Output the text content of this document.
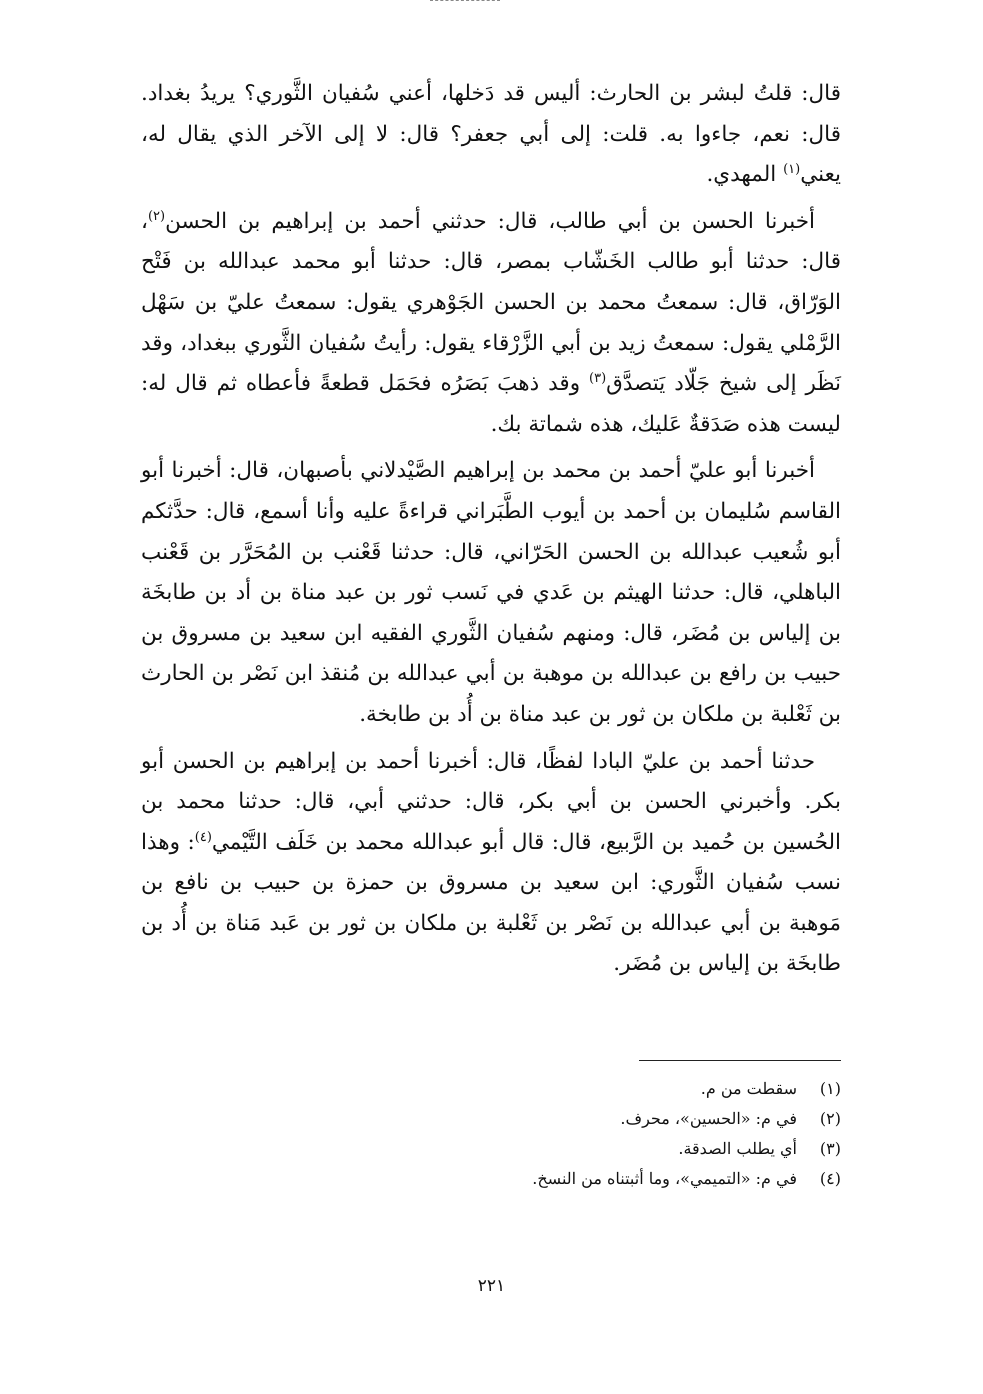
قال: قلتُ لبشر بن الحارث: أليس قد دَخلها، أعني سُفيان الثَّوري؟ يريدُ بغداد. قال: نعم، جاءوا به. قلت: إلى أبي جعفر؟ قال: لا إلى الآخر الذي يقال له، يعني$^{(١)}$ المهدي.

أخبرنا الحسن بن أبي طالب، قال: حدثني أحمد بن إبراهيم بن الحسن$^{(٢)}$، قال: حدثنا أبو طالب الخَشّاب بمصر، قال: حدثنا أبو محمد عبدالله بن فَتْح الوَرّاق، قال: سمعتُ محمد بن الحسن الجَوْهري يقول: سمعتُ عليّ بن سَهْل الرَّمْلي يقول: سمعتُ زيد بن أبي الزَّرْقاء يقول: رأيتُ سُفيان الثَّوري ببغداد، وقد نَظَر إلى شيخ جَلّاد يَتصدَّق$^{(٣)}$ وقد ذهبَ بَصَرُه فحَمَل قطعةً فأعطاه ثم قال له: ليست هذه صَدَقةٌ عَليك، هذه شماتة بك.

أخبرنا أبو عليّ أحمد بن محمد بن إبراهيم الصَّيْدلاني بأصبهان، قال: أخبرنا أبو القاسم سُليمان بن أحمد بن أيوب الطَّبَراني قراءةً عليه وأنا أسمع، قال: حدَّثكم أبو شُعيب عبدالله بن الحسن الحَرّاني، قال: حدثنا قَعْنب بن المُحَرَّر بن قَعْنب الباهلي، قال: حدثنا الهيثم بن عَدي في نَسب ثور بن عبد مناة بن أد بن طابخَة بن إلياس بن مُضَر، قال: ومنهم سُفيان الثَّوري الفقيه ابن سعيد بن مسروق بن حبيب بن رافع بن عبدالله بن موهبة بن أبي عبدالله بن مُنقذ ابن نَصْر بن الحارث بن ثَعْلبة بن ملكان بن ثور بن عبد مناة بن أُد بن طابخة.

حدثنا أحمد بن عليّ البادا لفظًا، قال: أخبرنا أحمد بن إبراهيم بن الحسن أبو بكر. وأخبرني الحسن بن أبي بكر، قال: حدثني أبي، قال: حدثنا محمد بن الحُسين بن حُميد بن الرَّبيع، قال: قال أبو عبدالله محمد بن خَلَف التَّيْمي$^{(٤)}$: وهذا نسب سُفيان الثَّوري: ابن سعيد بن مسروق بن حمزة بن حبيب بن نافع بن مَوهبة بن أبي عبدالله بن نَصْر بن ثَعْلبة بن ملكان بن ثور بن عَبد مَناة بن أُد بن طابخَة بن إلياس بن مُضَر.

(١)
سقطت من م.
(٢)
في م: «الحسين»، محرف.
(٣)
أي يطلب الصدقة.
(٤)
في م: «التميمي»، وما أثبتناه من النسخ.
٢٢١
